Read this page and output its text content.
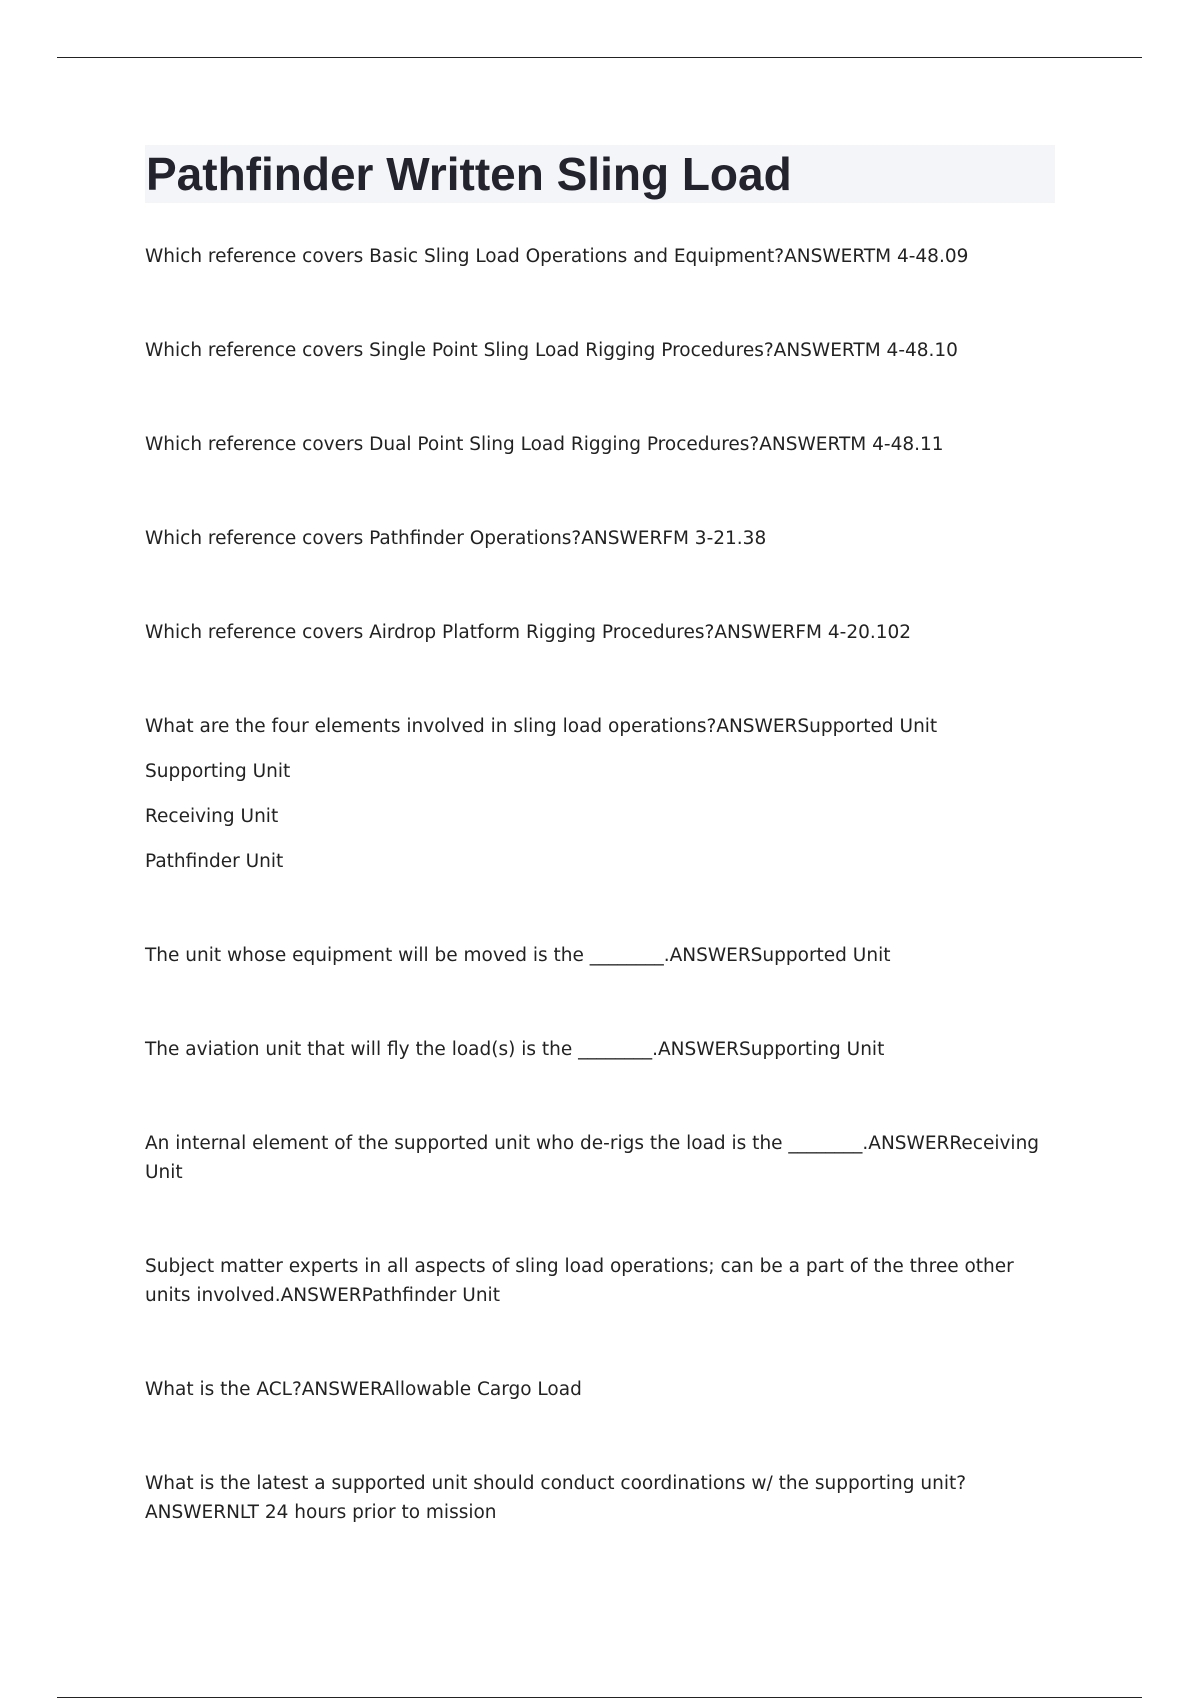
Pathfinder Written Sling Load

Which reference covers Basic Sling Load Operations and Equipment?ANSWERTM 4-48.09

Which reference covers Single Point Sling Load Rigging Procedures?ANSWERTM 4-48.10

Which reference covers Dual Point Sling Load Rigging Procedures?ANSWERTM 4-48.11

Which reference covers Pathfinder Operations?ANSWERFM 3-21.38

Which reference covers Airdrop Platform Rigging Procedures?ANSWERFM 4-20.102

What are the four elements involved in sling load operations?ANSWERSupported Unit

Supporting Unit

Receiving Unit

Pathfinder Unit

The unit whose equipment will be moved is the ________.ANSWERSupported Unit

The aviation unit that will fly the load(s) is the ________.ANSWERSupporting Unit

An internal element of the supported unit who de-rigs the load is the ________.ANSWERReceiving Unit

Subject matter experts in all aspects of sling load operations; can be a part of the three other units involved.ANSWERPathfinder Unit

What is the ACL?ANSWERAllowable Cargo Load

What is the latest a supported unit should conduct coordinations w/ the supporting unit?ANSWERNLT 24 hours prior to mission
